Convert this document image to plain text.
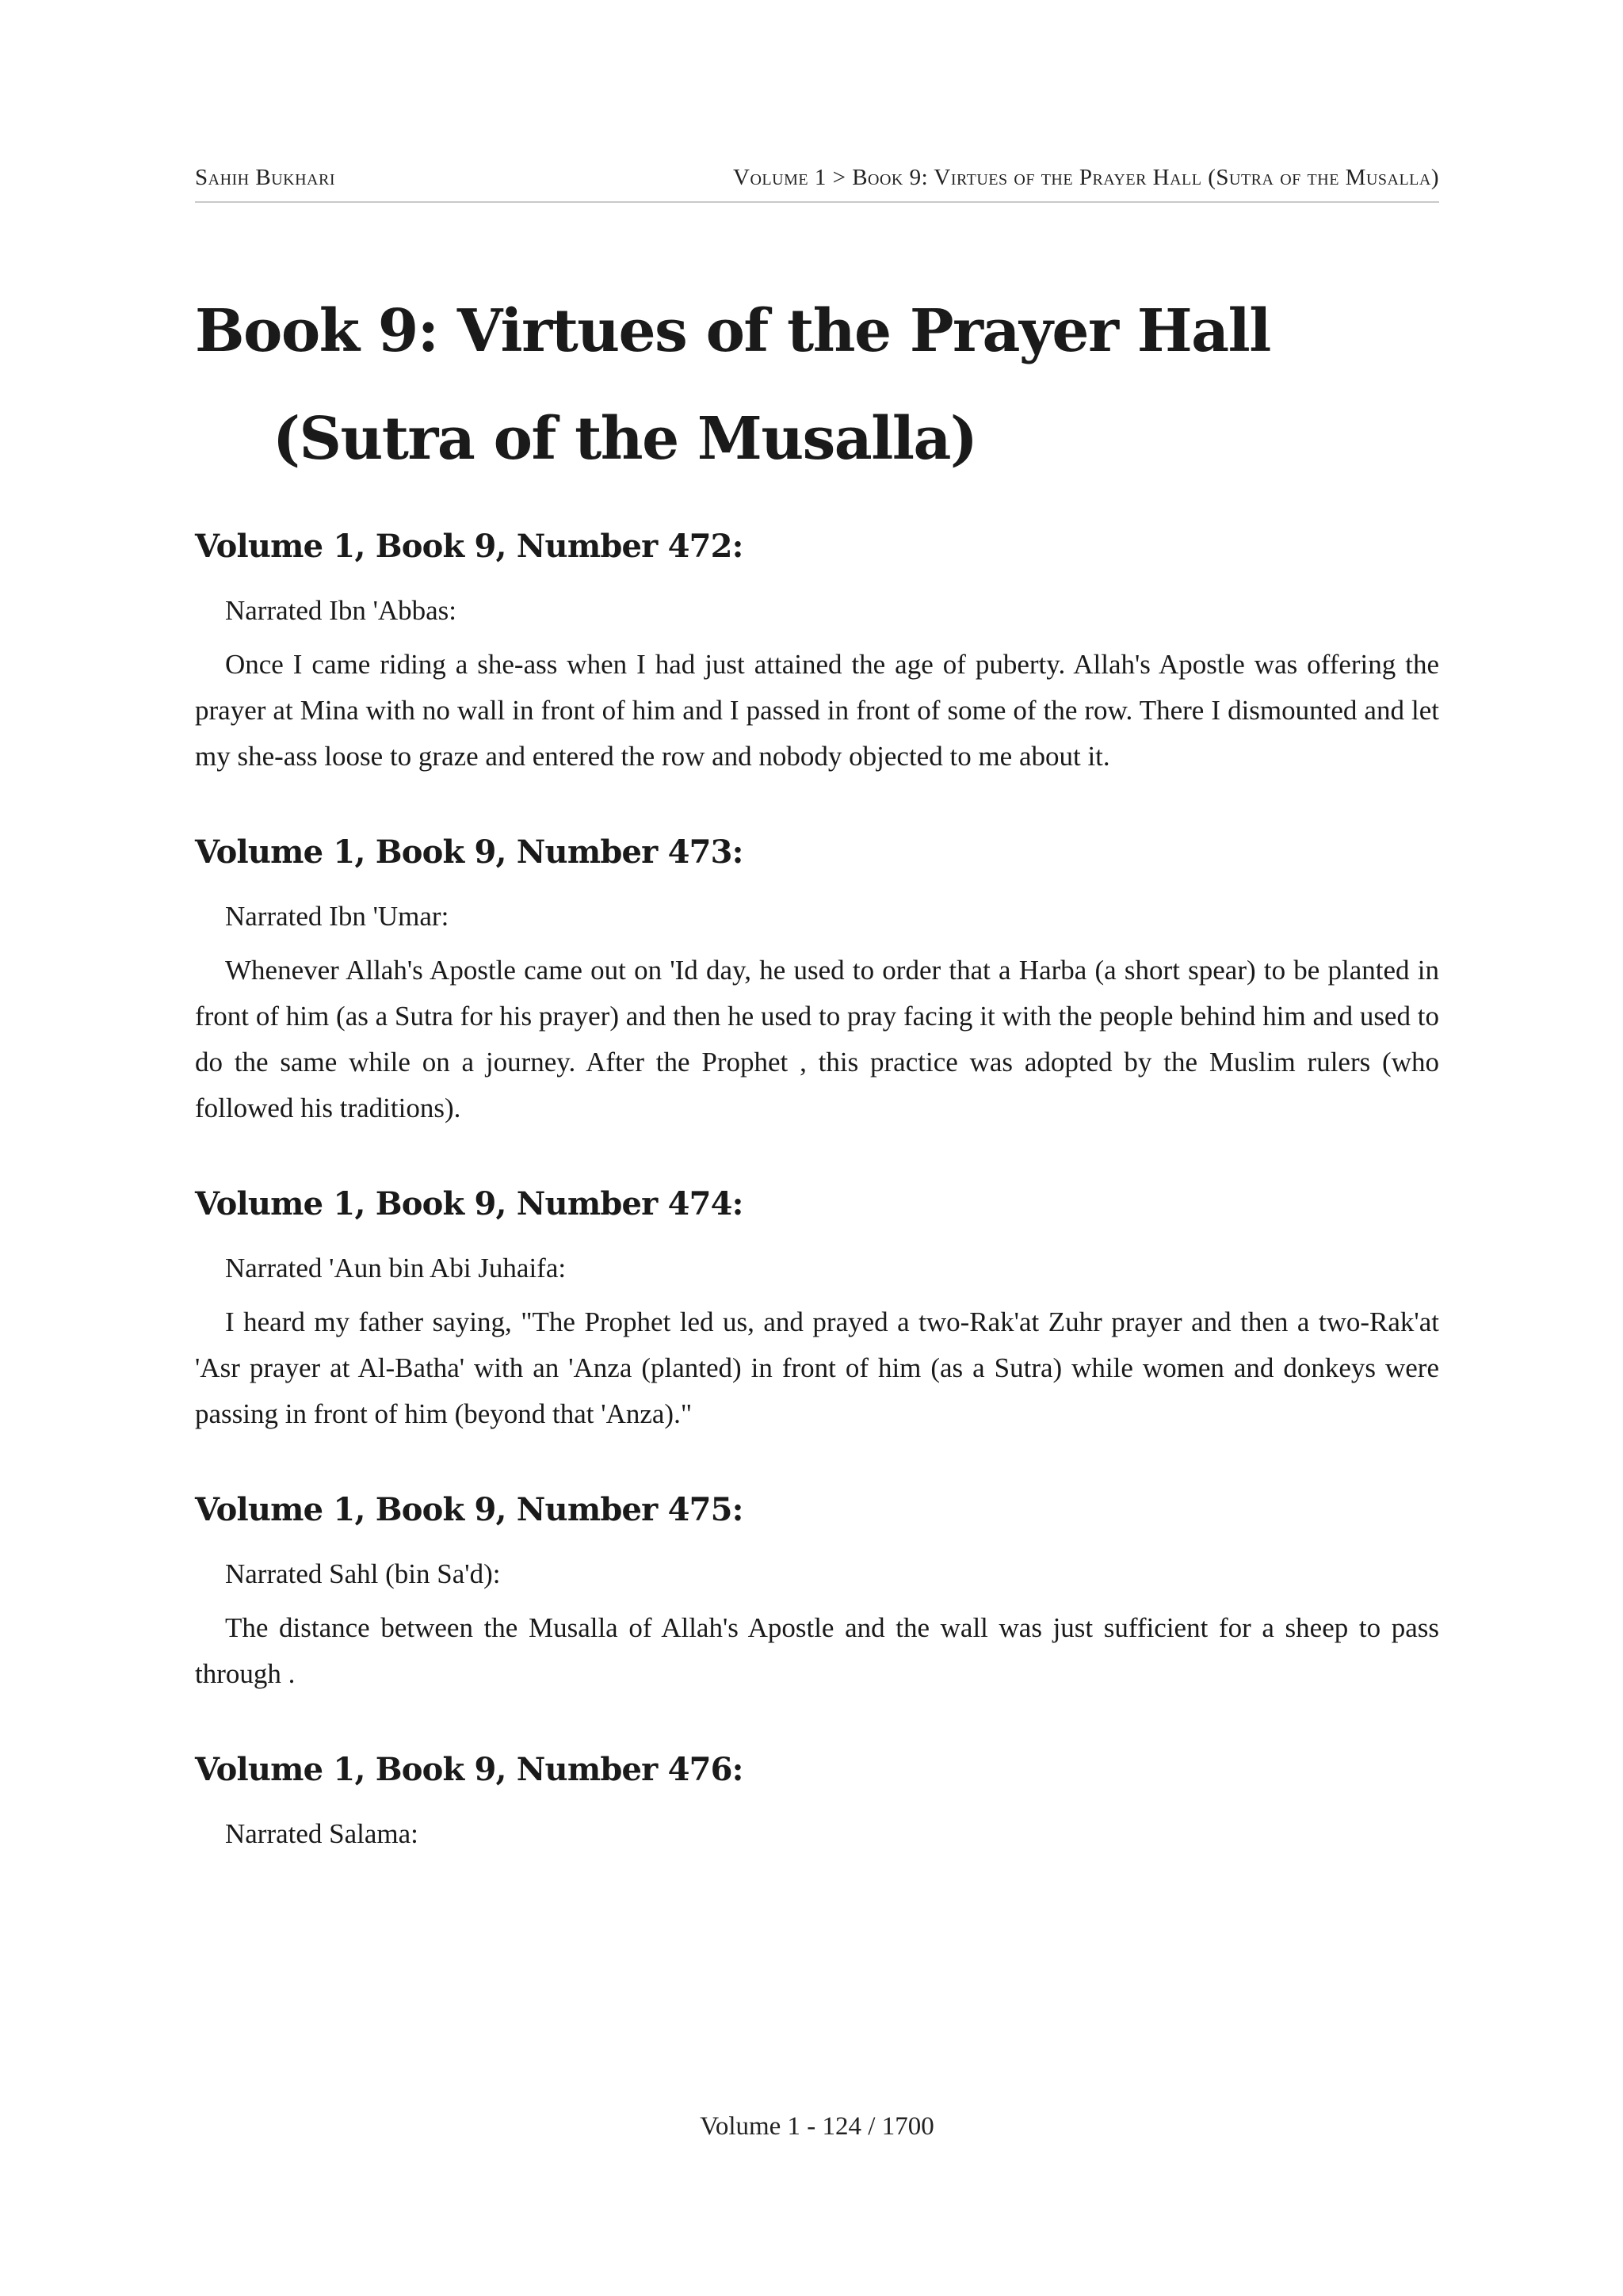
Sahih Bukhari	Volume 1 > Book 9: Virtues of the Prayer Hall (Sutra of the Musalla)
Book 9: Virtues of the Prayer Hall (Sutra of the Musalla)
Volume 1, Book 9, Number 472:

Narrated Ibn 'Abbas:

Once I came riding a she-ass when I had just attained the age of puberty. Allah's Apostle was offering the prayer at Mina with no wall in front of him and I passed in front of some of the row. There I dismounted and let my she-ass loose to graze and entered the row and nobody objected to me about it.

Volume 1, Book 9, Number 473:

Narrated Ibn 'Umar:

Whenever Allah's Apostle came out on 'Id day, he used to order that a Harba (a short spear) to be planted in front of him (as a Sutra for his prayer) and then he used to pray facing it with the people behind him and used to do the same while on a journey. After the Prophet , this practice was adopted by the Muslim rulers (who followed his traditions).

Volume 1, Book 9, Number 474:

Narrated 'Aun bin Abi Juhaifa:

I heard my father saying, "The Prophet led us, and prayed a two-Rak'at Zuhr prayer and then a two-Rak'at 'Asr prayer at Al-Batha' with an 'Anza (planted) in front of him (as a Sutra) while women and donkeys were passing in front of him (beyond that 'Anza)."

Volume 1, Book 9, Number 475:

Narrated Sahl (bin Sa'd):

The distance between the Musalla of Allah's Apostle and the wall was just sufficient for a sheep to pass through .

Volume 1, Book 9, Number 476:

Narrated Salama:

Volume 1 - 124 / 1700
